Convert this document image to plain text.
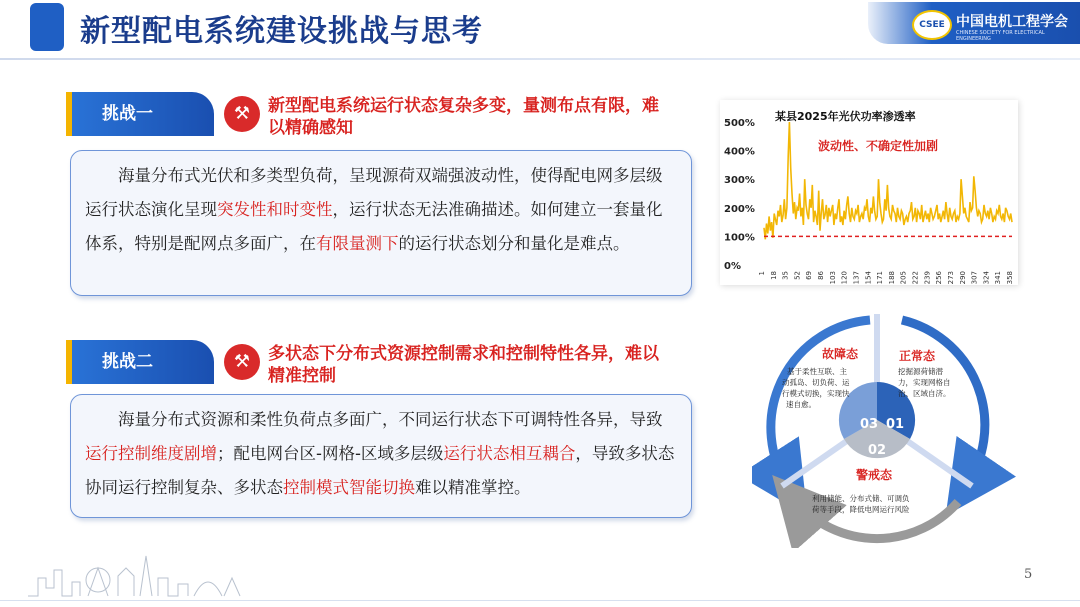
新型配电系统建设挑战与思考	CSEE 中国电机工程学会
CHINESE SOCIETY FOR ELECTRICAL ENGINEERING
挑战一	⚒	新型配电系统运行状态复杂多变，量测布点有限，难
以精确感知

海量分布式光伏和多类型负荷，呈现源荷双端强波动性，使得配电网多层级运行状态演化呈现突发性和时变性，运行状态无法准确描述。如何建立一套量化体系，特别是配网点多面广，在有限量测下的运行状态划分和量化是难点。

挑战二	⚒	多状态下分布式资源控制需求和控制特性各异，难以
精准控制

海量分布式资源和柔性负荷点多面广，不同运行状态下可调特性各异，导致运行控制维度剧增；配电网台区-网格-区域多层级运行状态相互耦合，导致多状态协同运行控制复杂、多状态控制模式智能切换难以精准掌控。

某县2025年光伏功率渗透率
波动性、不确定性加剧
500%
400%
300%
200%
100%
0%
1 18 35 52 69 86 103 120 137 154 171 188 205 222 239 256 273 290 307 324 341 358
03 01
02
故障态	正常态
警戒态
基于柔性互联、主
动孤岛、切负荷、运
行模式切换，实现快
速自愈。
挖掘源荷储潜
力，实现网格自
治、区域自济。
利用储能、分布式储、可调负
荷等手段，降低电网运行风险
5
